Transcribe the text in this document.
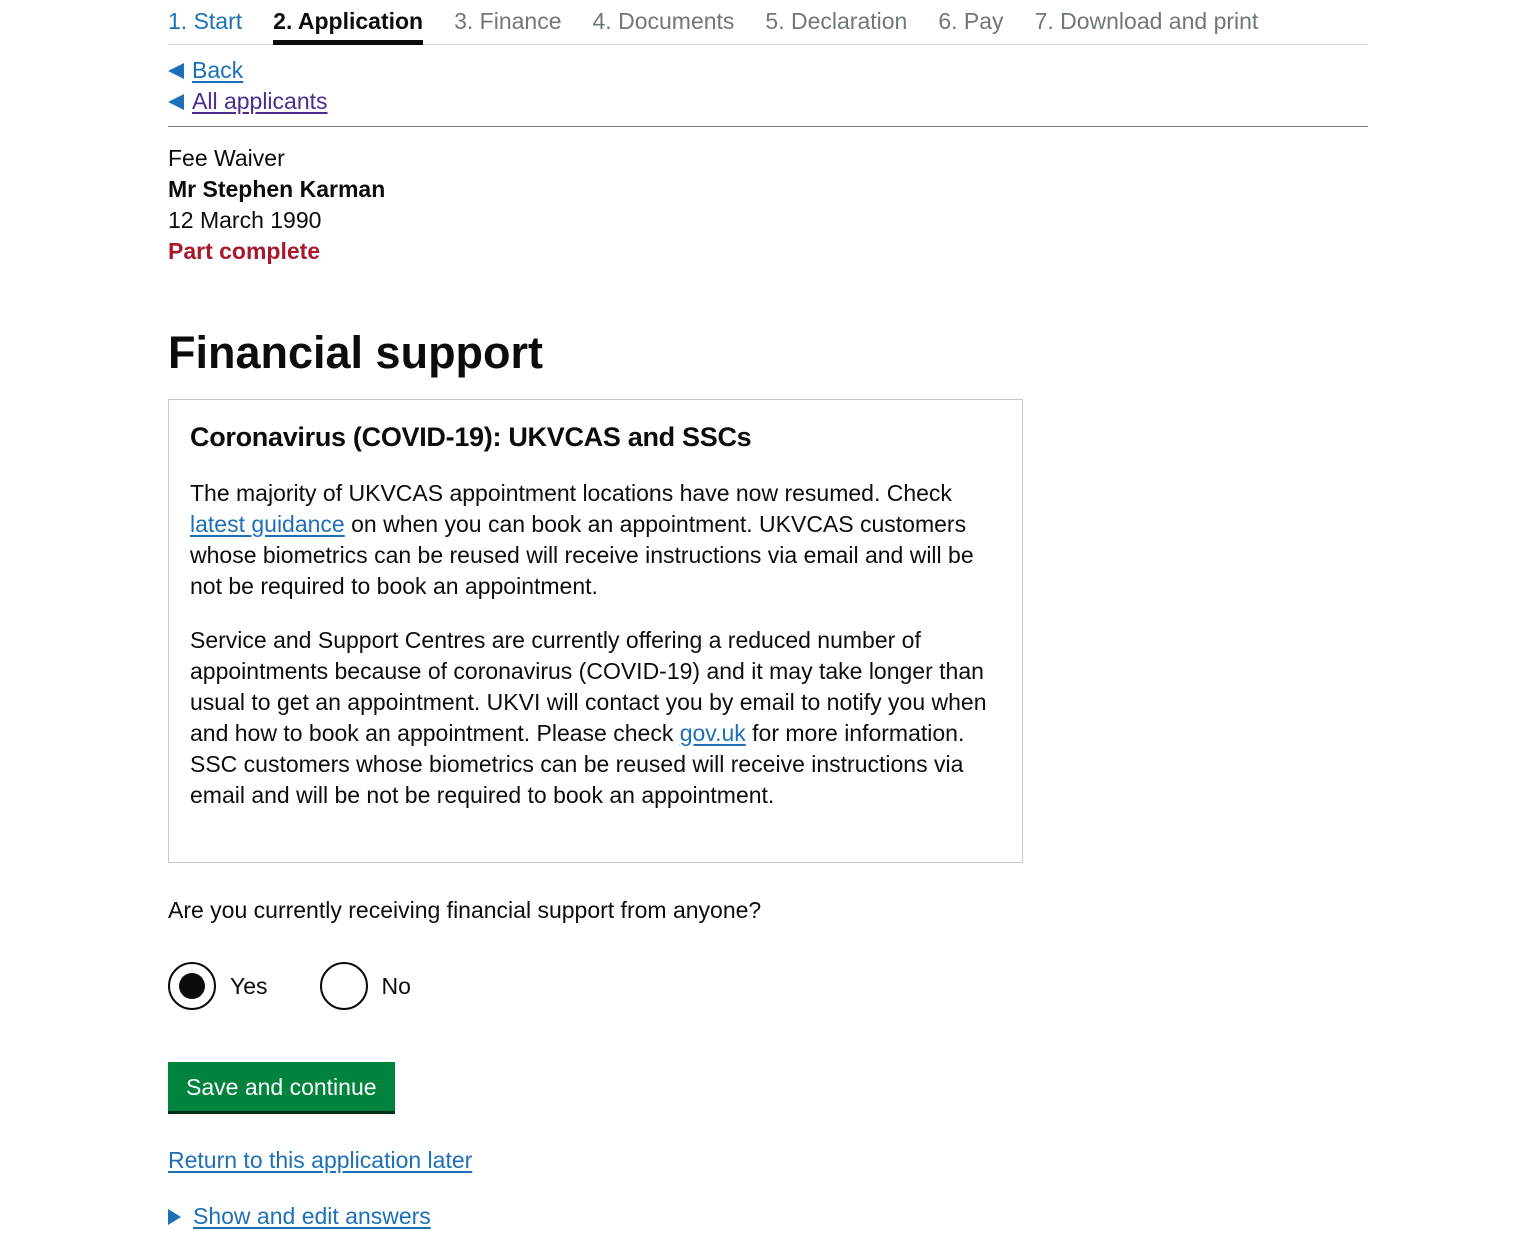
1. Start 2. Application 3. Finance 4. Documents 5. Declaration 6. Pay 7. Download and print
Back
All applicants
Fee Waiver
Mr Stephen Karman
12 March 1990
Part complete
Financial support
Coronavirus (COVID-19): UKVCAS and SSCs

The majority of UKVCAS appointment locations have now resumed. Check latest guidance on when you can book an appointment. UKVCAS customers whose biometrics can be reused will receive instructions via email and will be not be required to book an appointment.

Service and Support Centres are currently offering a reduced number of appointments because of coronavirus (COVID-19) and it may take longer than usual to get an appointment. UKVI will contact you by email to notify you when and how to book an appointment. Please check gov.uk for more information. SSC customers whose biometrics can be reused will receive instructions via email and will be not be required to book an appointment.

Are you currently receiving financial support from anyone?
Yes	No
Save and continue
Return to this application later
Show and edit answers
